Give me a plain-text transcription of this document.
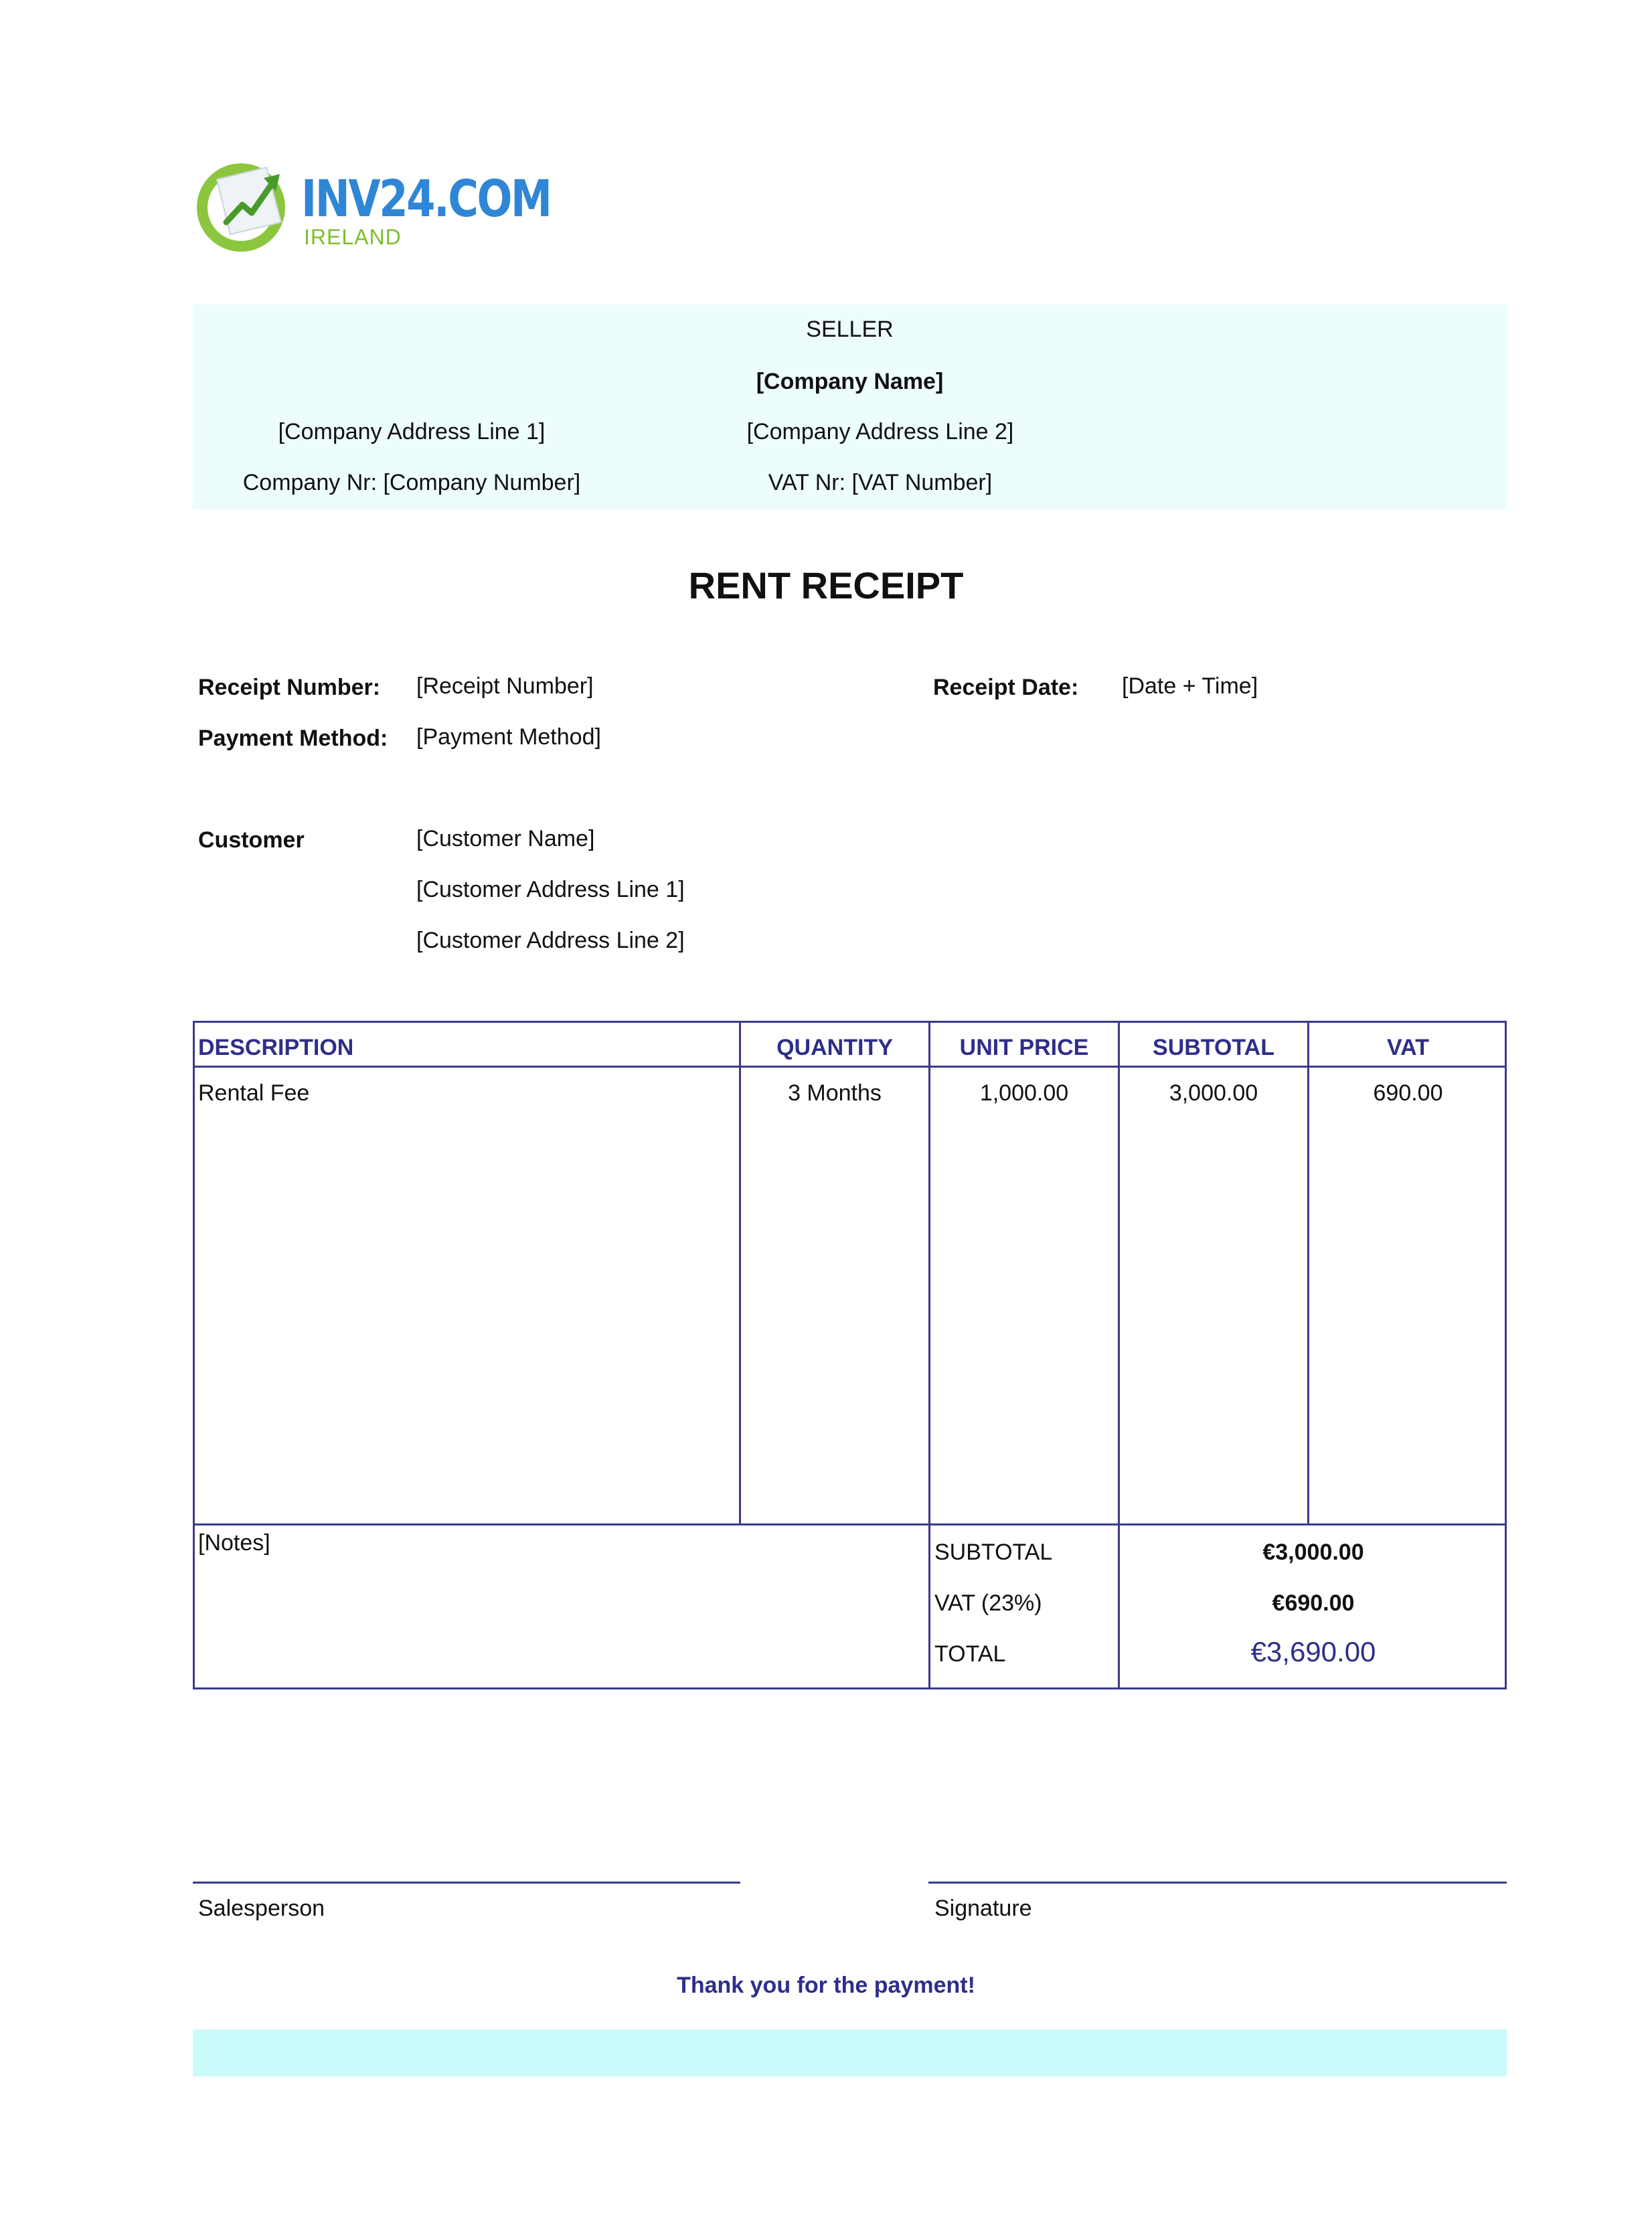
INV24.COM
IRELAND
SELLER
[Company Name]
[Company Address Line 1]	[Company Address Line 2]
Company Nr: [Company Number]	VAT Nr: [VAT Number]
RENT RECEIPT
Receipt Number: [Receipt Number]	Receipt Date: [Date + Time]
Payment Method: [Payment Method]
Customer	[Customer Name]
[Customer Address Line 1]
[Customer Address Line 2]
DESCRIPTION	QUANTITY	UNIT PRICE	SUBTOTAL	VAT
Rental Fee	3 Months	1,000.00	3,000.00	690.00
[Notes]	SUBTOTAL	€3,000.00
VAT (23%)	€690.00
TOTAL	€3,690.00
Salesperson	Signature
Thank you for the payment!
